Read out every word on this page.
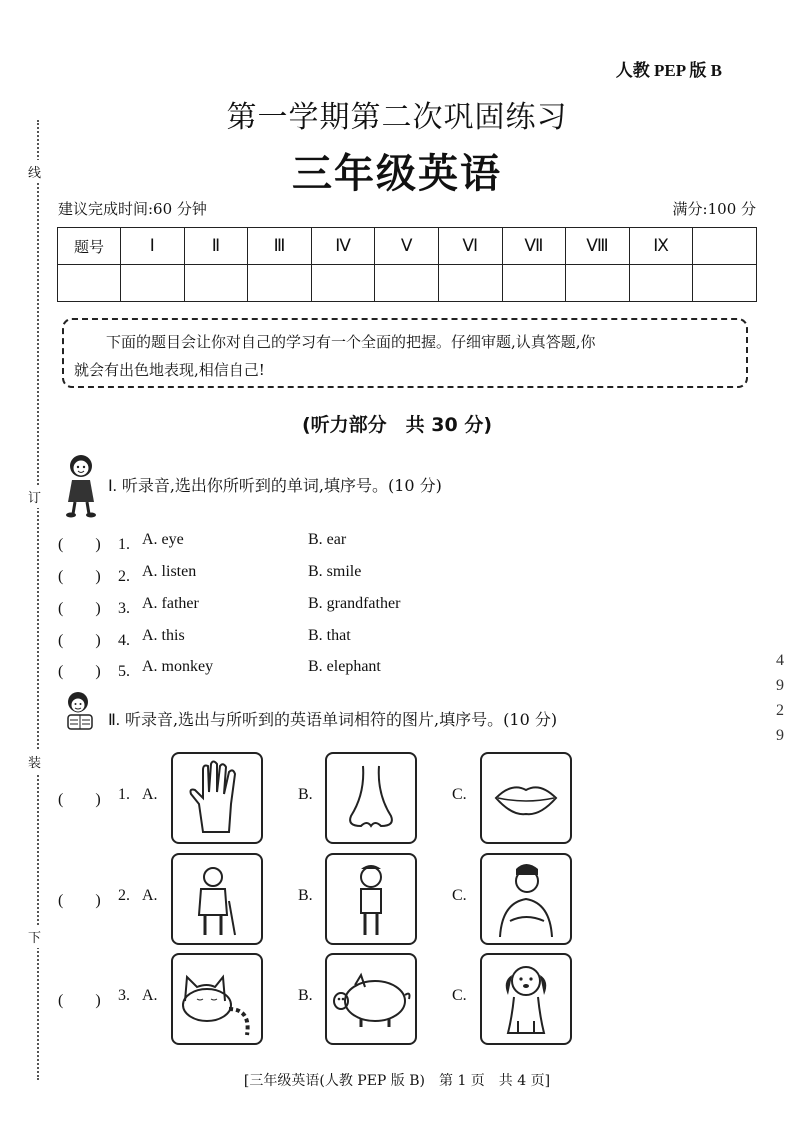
线
订
装
下
人教 PEP 版 B
第一学期第二次巩固练习
三年级英语
建议完成时间:60 分钟	满分:100 分
题号	Ⅰ	Ⅱ	Ⅲ	Ⅳ	Ⅴ	Ⅵ	Ⅶ	Ⅷ	Ⅸ	

下面的题目会让你对自己的学习有一个全面的把握。仔细审题,认真答题,你
就会有出色地表现,相信自己!
(听力部分　共 30 分)
Ⅰ. 听录音,选出你所听到的单词,填序号。(10 分)
(　　) 1. A. eye	B. ear
(　　) 2. A. listen	B. smile
(　　) 3. A. father	B. grandfather
(　　) 4. A. this	B. that
(　　) 5. A. monkey	B. elephant
Ⅱ. 听录音,选出与所听到的英语单词相符的图片,填序号。(10 分)
(　　) 1. A.	B.	C.
(　　) 2. A.	B.	C.
(　　) 3. A.	B.	C.
[三年级英语(人教 PEP 版 B)　第 1 页　共 4 页]
4
9
2
9
